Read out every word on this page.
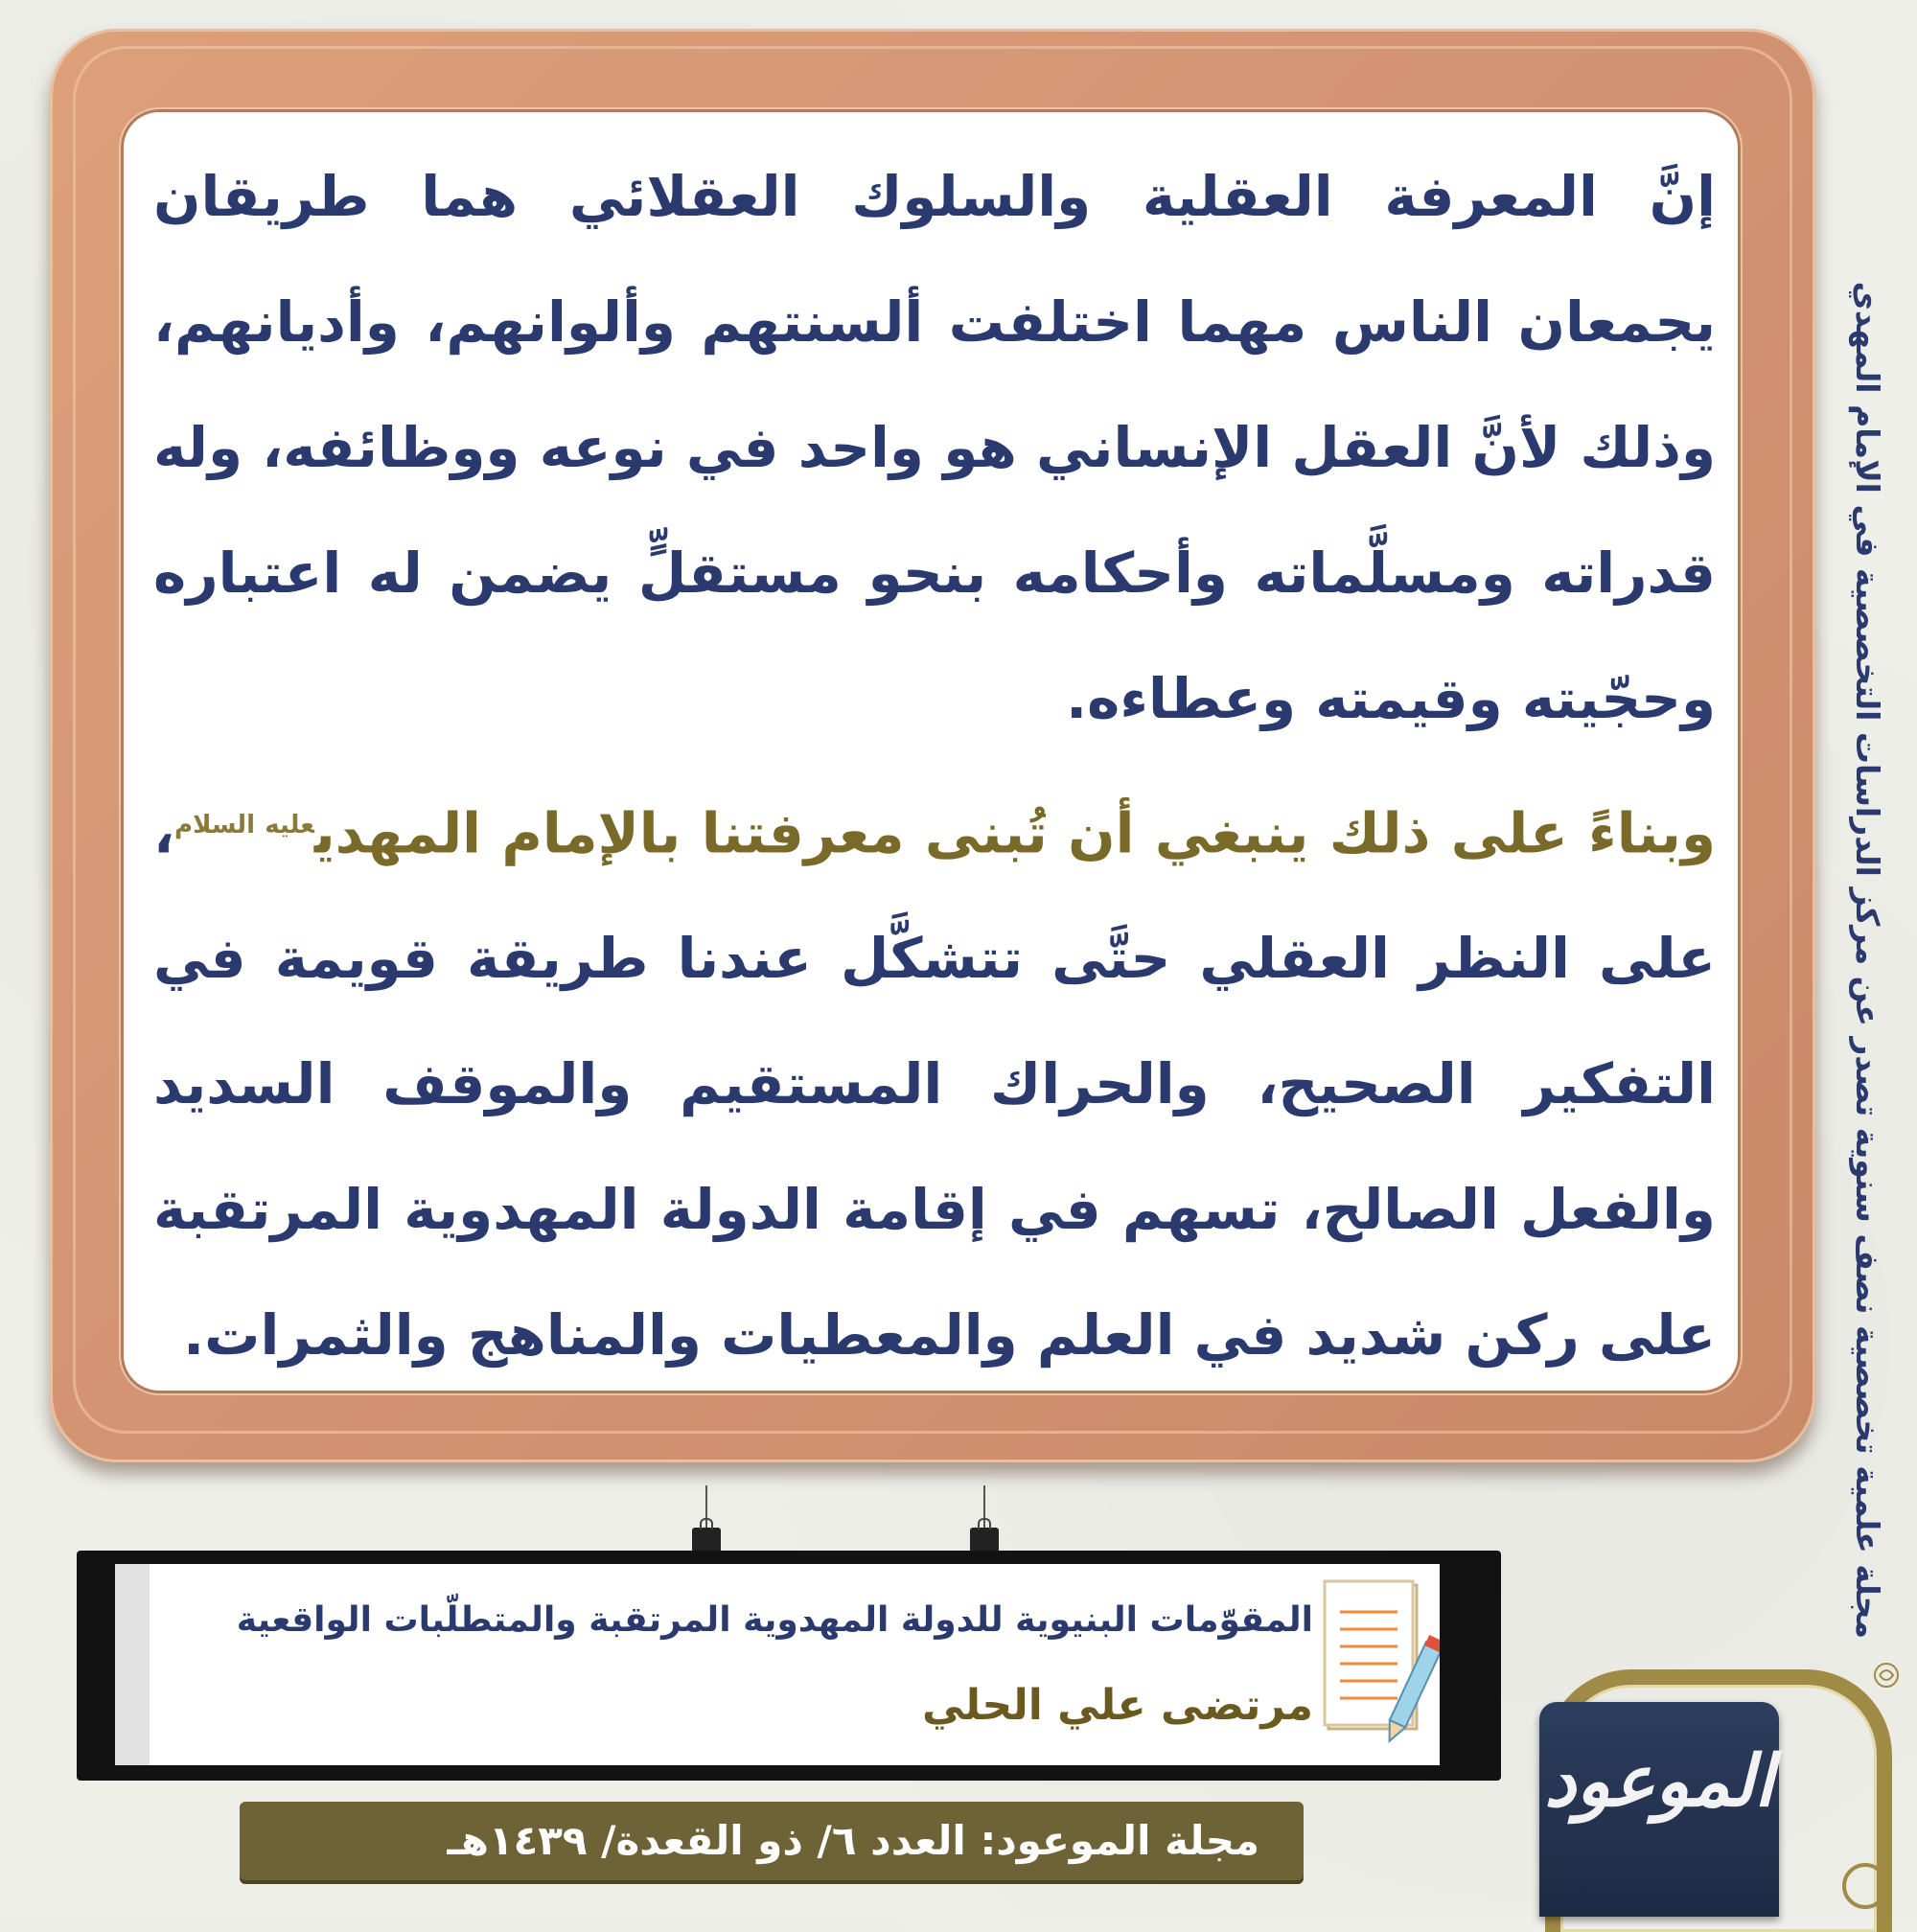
إنَّ المعرفة العقلية والسلوك العقلائي هما طريقان يجمعان الناس مهما اختلفت ألسنتهم وألوانهم، وأديانهم، وذلك لأنَّ العقل الإنساني هو واحد في نوعه ووظائفه، وله قدراته ومسلَّماته وأحكامه بنحو مستقلٍّ يضمن له اعتباره وحجّيته وقيمته وعطاءه.
وبناءً على ذلك ينبغي أن تُبنى معرفتنا بالإمام المهدي$^{عليه السلام}$، على النظر العقلي حتَّى تتشكَّل عندنا طريقة قويمة في التفكير الصحيح، والحراك المستقيم والموقف السديد والفعل الصالح، تسهم في إقامة الدولة المهدوية المرتقبة على ركن شديد في العلم والمعطيات والمناهج والثمرات.	مجلة علمية تخصصية نصف سنوية تصدر عن مركز الدراسات التخصصية في الإمام المهدي
المقوّمات البنيوية للدولة المهدوية المرتقبة والمتطلّبات الواقعية
مرتضى علي الحلي
مجلة الموعود: العدد ٦/ ذو القعدة/ ١٤٣٩هـ
الموعود
